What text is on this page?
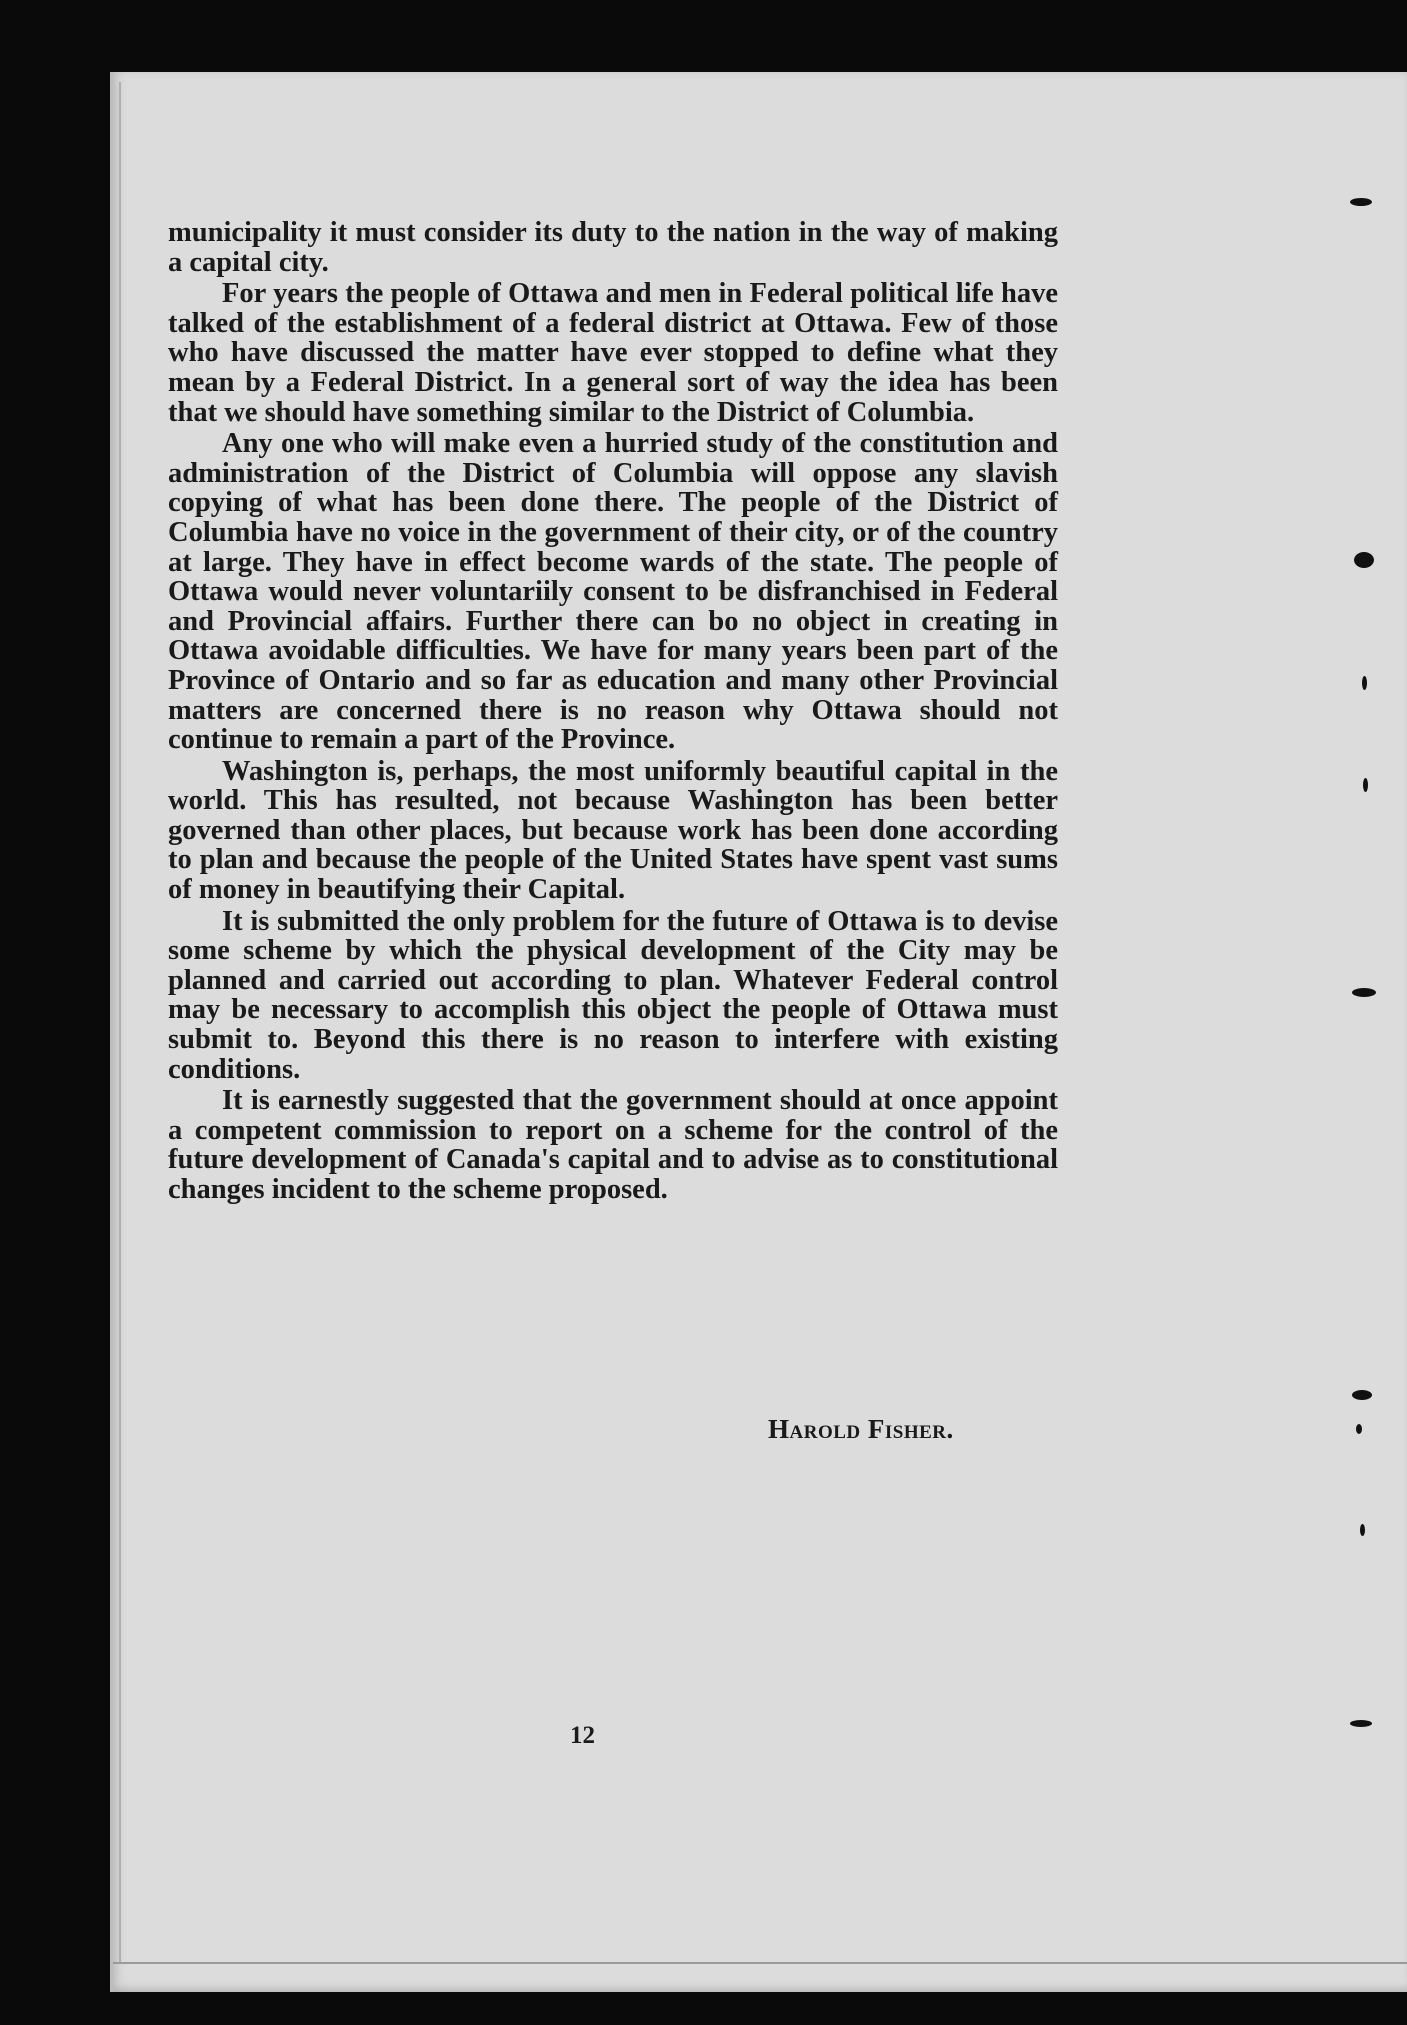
municipality it must consider its duty to the nation in the way of making a capital city.

For years the people of Ottawa and men in Federal political life have talked of the establishment of a federal district at Ottawa. Few of those who have discussed the matter have ever stopped to define what they mean by a Federal District. In a general sort of way the idea has been that we should have something similar to the District of Columbia.

Any one who will make even a hurried study of the constitution and administration of the District of Columbia will oppose any slavish copying of what has been done there. The people of the District of Columbia have no voice in the government of their city, or of the country at large. They have in effect become wards of the state. The people of Ottawa would never voluntariily consent to be disfranchised in Federal and Provincial affairs. Further there can bo no object in creating in Ottawa avoidable difficulties. We have for many years been part of the Province of Ontario and so far as education and many other Provincial matters are concerned there is no reason why Ottawa should not continue to remain a part of the Province.

Washington is, perhaps, the most uniformly beautiful capital in the world. This has resulted, not because Washington has been better governed than other places, but because work has been done according to plan and because the people of the United States have spent vast sums of money in beautifying their Capital.

It is submitted the only problem for the future of Ottawa is to devise some scheme by which the physical development of the City may be planned and carried out according to plan. Whatever Federal control may be necessary to accomplish this object the people of Ottawa must submit to. Beyond this there is no reason to interfere with existing conditions.

It is earnestly suggested that the government should at once appoint a competent commission to report on a scheme for the control of the future development of Canada's capital and to advise as to constitutional changes incident to the scheme proposed.

Harold Fisher.
12
